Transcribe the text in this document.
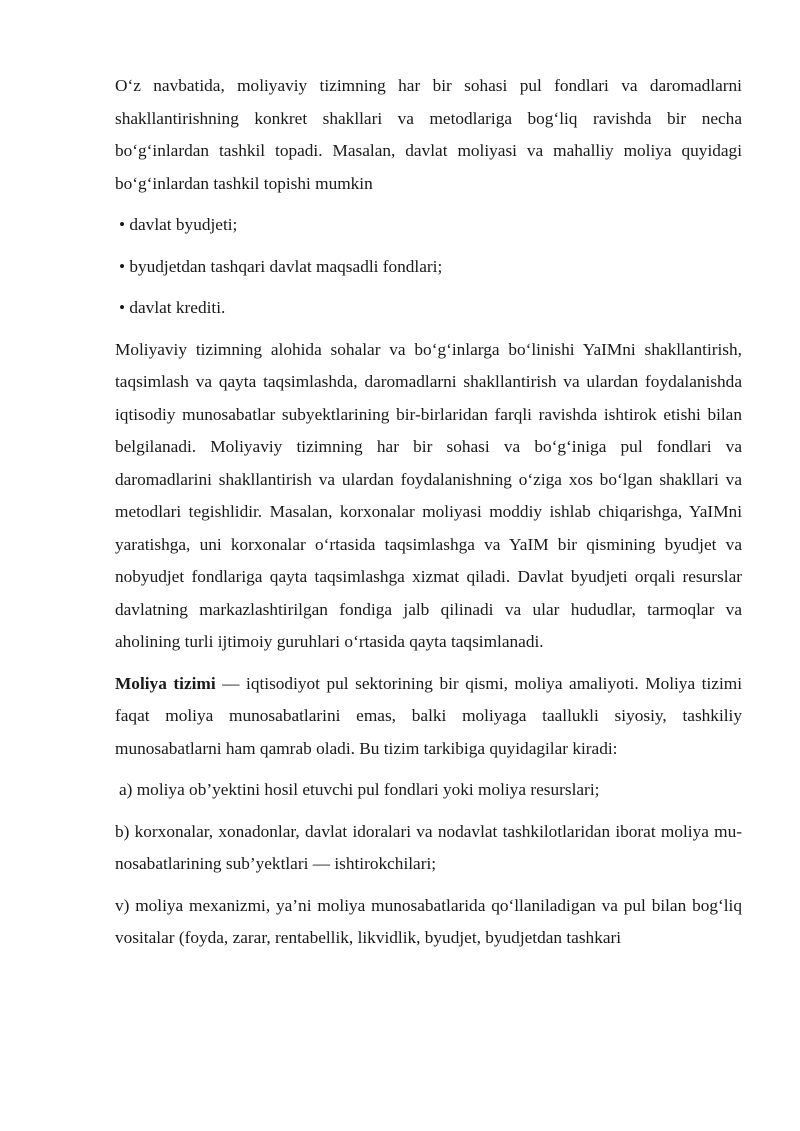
O‘z navbatida, moliyaviy tizimning har bir sohasi pul fondlari va daromadlarni shakllantirishning konkret shakllari va metodlariga bog‘liq ravishda bir necha bo‘g‘inlardan tashkil topadi. Masalan, davlat moliyasi va mahalliy moliya quyidagi bo‘g‘inlardan tashkil topishi mumkin

• davlat byudjeti;

• byudjetdan tashqari davlat maqsadli fondlari;

• davlat krediti.

Moliyaviy tizimning alohida sohalar va bo‘g‘inlarga bo‘linishi YaIMni shakllantirish, taqsimlash va qayta taqsimlashda, daromadlarni shakllantirish va ulardan foydalanishda iqtisodiy munosabatlar subyektlarining bir-birlaridan farqli ravishda ishtirok etishi bilan belgilanadi. Moliyaviy tizimning har bir sohasi va bo‘g‘iniga pul fondlari va daromadlarini shakllantirish va ulardan foydalanishning o‘ziga xos bo‘lgan shakllari va metodlari tegishlidir. Masalan, korxonalar moliyasi moddiy ishlab chiqarishga, YaIMni yaratishga, uni korxonalar o‘rtasida taqsimlashga va YaIM bir qismining byudjet va nobyudjet fondlariga qayta taqsimlashga xizmat qiladi. Davlat byudjeti orqali resurslar davlatning markazlashtirilgan fondiga jalb qilinadi va ular hududlar, tarmoqlar va aholining turli ijtimoiy guruhlari o‘rtasida qayta taqsimlanadi.

Moliya tizimi — iqtisodiyot pul sektorining bir qismi, moliya amaliyoti. Moliya tizimi faqat moliya munosabatlarini emas, balki moliyaga taallukli siyosiy, tashkiliy munosabatlarni ham qamrab oladi. Bu tizim tarkibiga quyidagilar kiradi:

a) moliya ob’yektini hosil etuvchi pul fondlari yoki moliya resurslari;

b) korxonalar, xonadonlar, davlat idoralari va nodavlat tashkilotlaridan iborat moliya mu-nosabatlarining sub’yektlari — ishtirokchilari;

v) moliya mexanizmi, ya’ni moliya munosabatlarida qo‘llaniladigan va pul bilan bog‘liq vositalar (foyda, zarar, rentabellik, likvidlik, byudjet, byudjetdan tashkari
